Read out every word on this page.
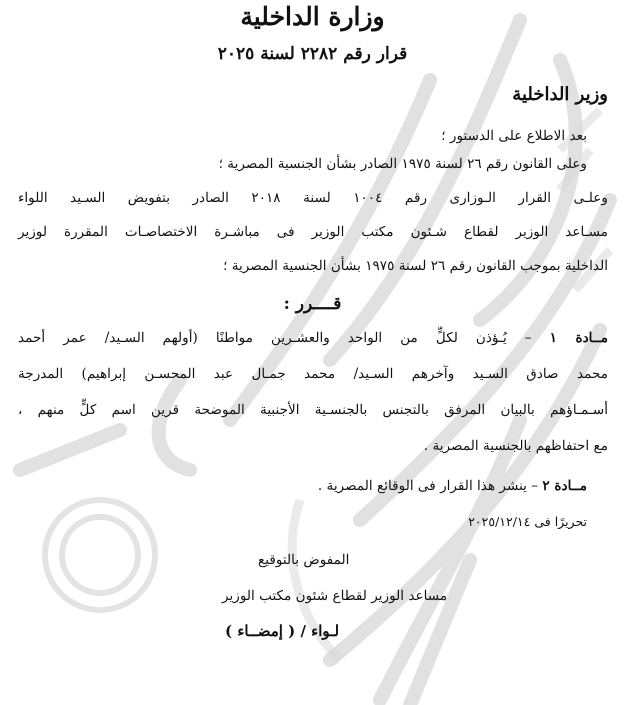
وزارة الداخلية
قرار رقم ٢٢٨٢ لسنة ٢٠٢٥
وزير الداخلية
بعد الاطلاع على الدستور ؛
وعلى القانون رقم ٢٦ لسنة ١٩٧٥ الصادر بشأن الجنسية المصرية ؛
وعلـى القرار الـوزارى رقم ١٠٠٤ لسنة ٢٠١٨ الصادر بتفويض السـيد اللواء
مسـاعد الوزير لقطاع شـئون مكتب الوزير فى مباشـرة الاختصاصـات المقررة لوزير
الداخلية بموجب القانون رقم ٢٦ لسنة ١٩٧٥ بشأن الجنسية المصرية ؛
قــــرر :
مــادة ١ – يُـؤذن لكلٍّ من الواحد والعشـرين مواطنًا (أولهم السـيد/ عمر أحمد
محمد صادق السـيد وآخرهم السـيد/ محمد جمـال عبد المحسـن إبراهيم) المدرجة
أسـمـاؤهم بالبيان المرفق بالتجنس بالجنسـية الأجنبية الموضحة قرين اسم كلٍّ منهم ،
مع احتفاظهم بالجنسية المصرية .
مــادة ٢ – ينشر هذا القرار فى الوقائع المصرية .
تحريرًا فى ٢٠٢٥/١٢/١٤
المفوض بالتوقيع
مساعد الوزير لقطاع شئون مكتب الوزير
لـواء / ( إمضــاء )
